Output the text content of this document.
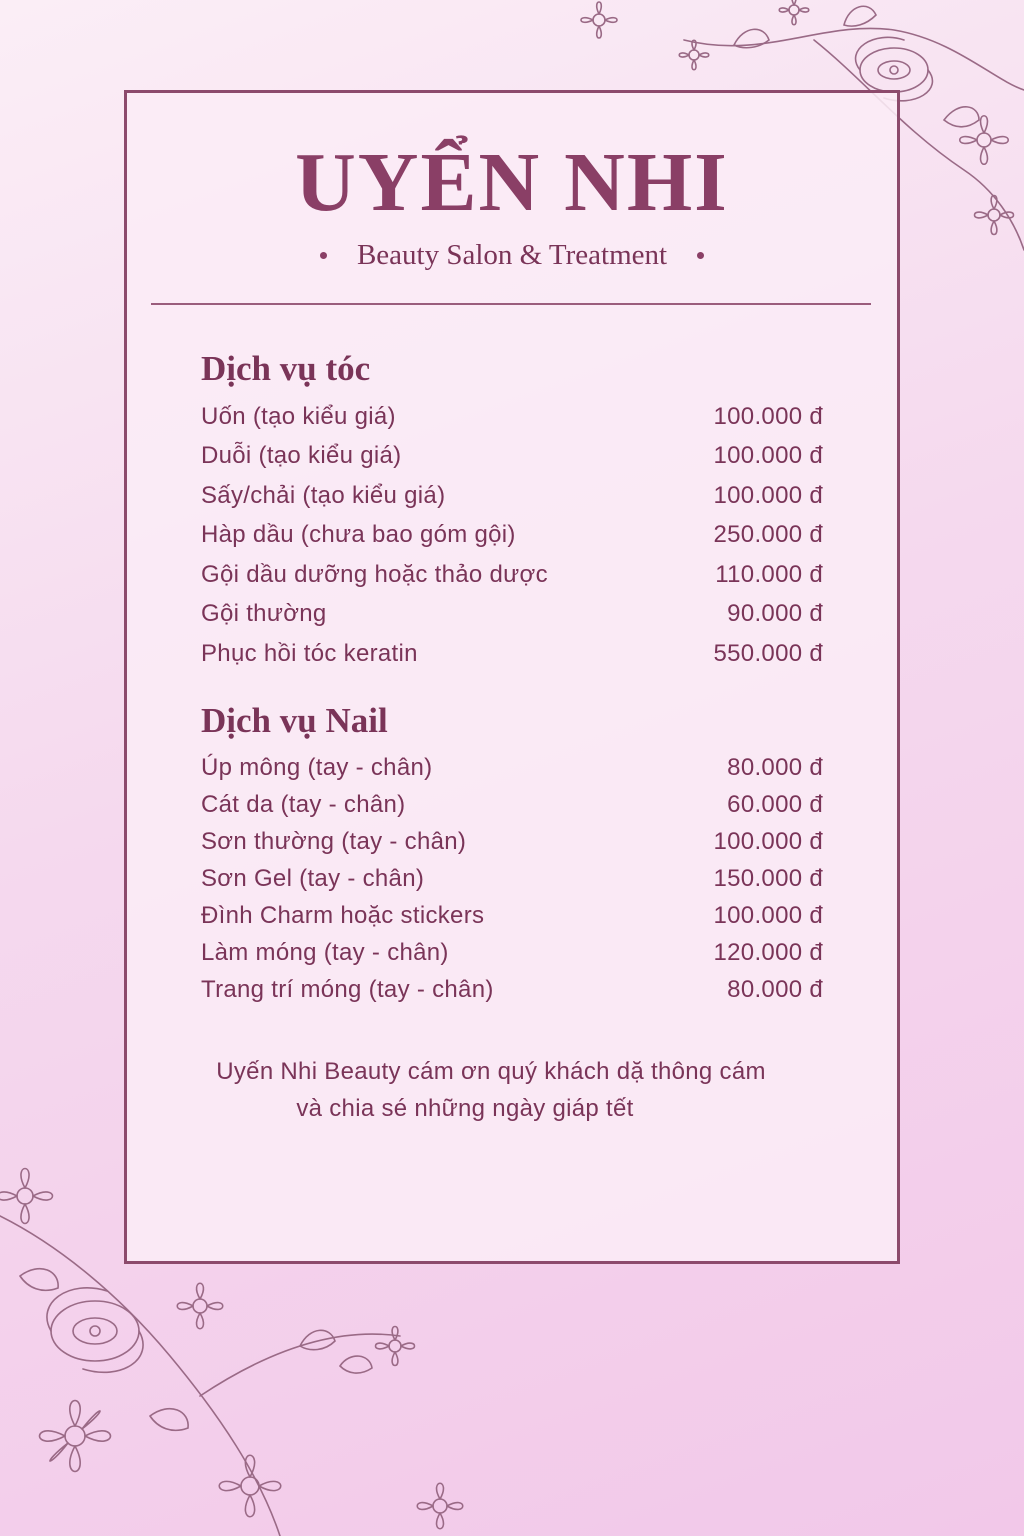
UYỂN NHI
Beauty Salon & Treatment
Dịch vụ tóc
Uốn (tạo kiểu giá)	100.000 đ
Duỗi (tạo kiểu giá)	100.000 đ
Sấy/chải (tạo kiểu giá)	100.000 đ
Hàp dầu (chưa bao góm gội)	250.000 đ
Gội dầu dưỡng hoặc thảo dược	110.000 đ
Gội thường	90.000 đ
Phục hồi tóc keratin	550.000 đ
Dịch vụ Nail
Úp mông (tay - chân)	80.000 đ
Cát da (tay - chân)	60.000 đ
Sơn thường (tay - chân)	100.000 đ
Sơn Gel (tay - chân)	150.000 đ
Đình Charm hoặc stickers	100.000 đ
Làm móng (tay - chân)	120.000 đ
Trang trí móng (tay - chân)	80.000 đ
Uyến Nhi Beauty cám ơn quý khách dặ thông cám
và chia sé những ngày giáp tết
